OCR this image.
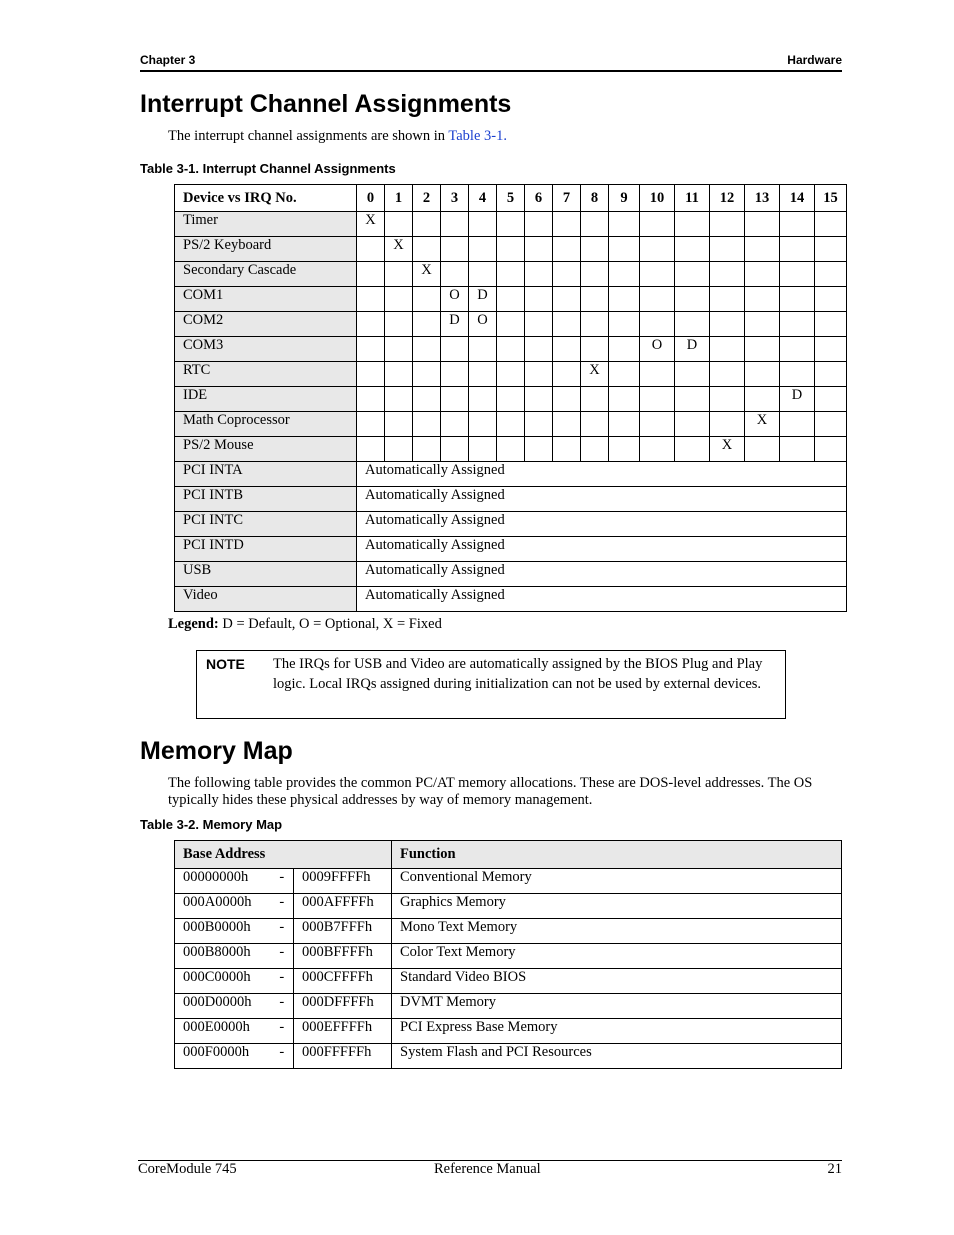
Chapter 3	Hardware
Interrupt Channel Assignments
The interrupt channel assignments are shown in Table 3-1.
Table 3-1. Interrupt Channel Assignments
Device vs IRQ No.	0	1	2	3	4	5	6	7	8	9	10	11	12	13	14	15
Timer	X															
PS/2 Keyboard		X														
Secondary Cascade			X													
COM1				O	D											
COM2				D	O											
COM3											O	D				
RTC									X							
IDE															D	
Math Coprocessor														X		
PS/2 Mouse													X			
PCI INTA	Automatically Assigned															
PCI INTB	Automatically Assigned															
PCI INTC	Automatically Assigned															
PCI INTD	Automatically Assigned															
USB	Automatically Assigned															
Video	Automatically Assigned															
Legend: D = Default, O = Optional, X = Fixed
NOTE The IRQs for USB and Video are automatically assigned by the BIOS Plug and Play logic. Local IRQs assigned during initialization can not be used by external devices.
Memory Map
The following table provides the common PC/AT memory allocations. These are DOS-level addresses. The OS typically hides these physical addresses by way of memory management.
Table 3-2. Memory Map
Base Address			Function
00000000h	-	0009FFFFh	Conventional Memory
000A0000h	-	000AFFFFh	Graphics Memory
000B0000h	-	000B7FFFh	Mono Text Memory
000B8000h	-	000BFFFFh	Color Text Memory
000C0000h	-	000CFFFFh	Standard Video BIOS
000D0000h	-	000DFFFFh	DVMT Memory
000E0000h	-	000EFFFFh	PCI Express Base Memory
000F0000h	-	000FFFFFh	System Flash and PCI Resources
CoreModule 745	Reference Manual	21
